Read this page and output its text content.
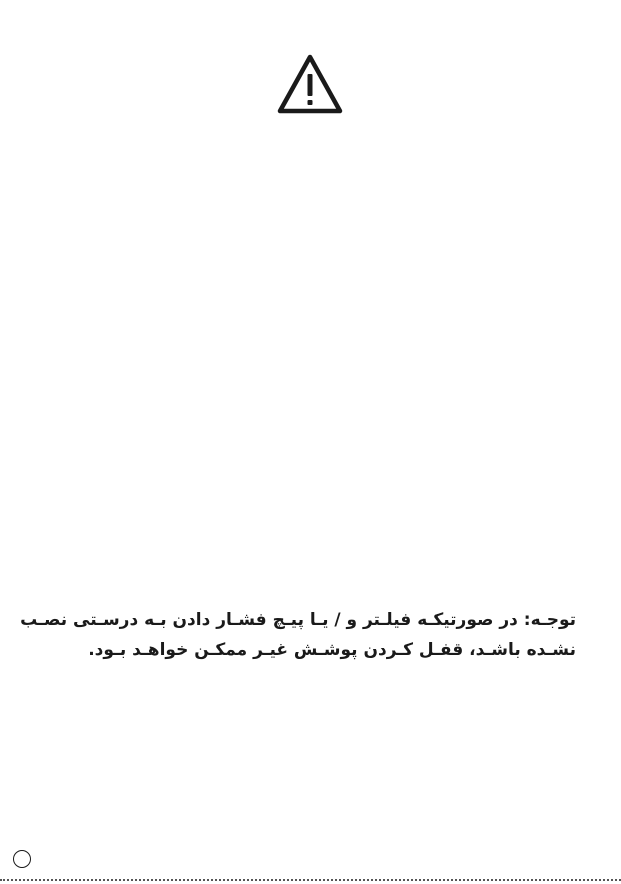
توجـه: در صورتیکـه فیلـتر و / یـا پیـچ فشـار دادن بـه درسـتی نصـب
نشـده باشـد، قفـل کـردن پوشـش غیـر ممکـن خواهـد بـود.
